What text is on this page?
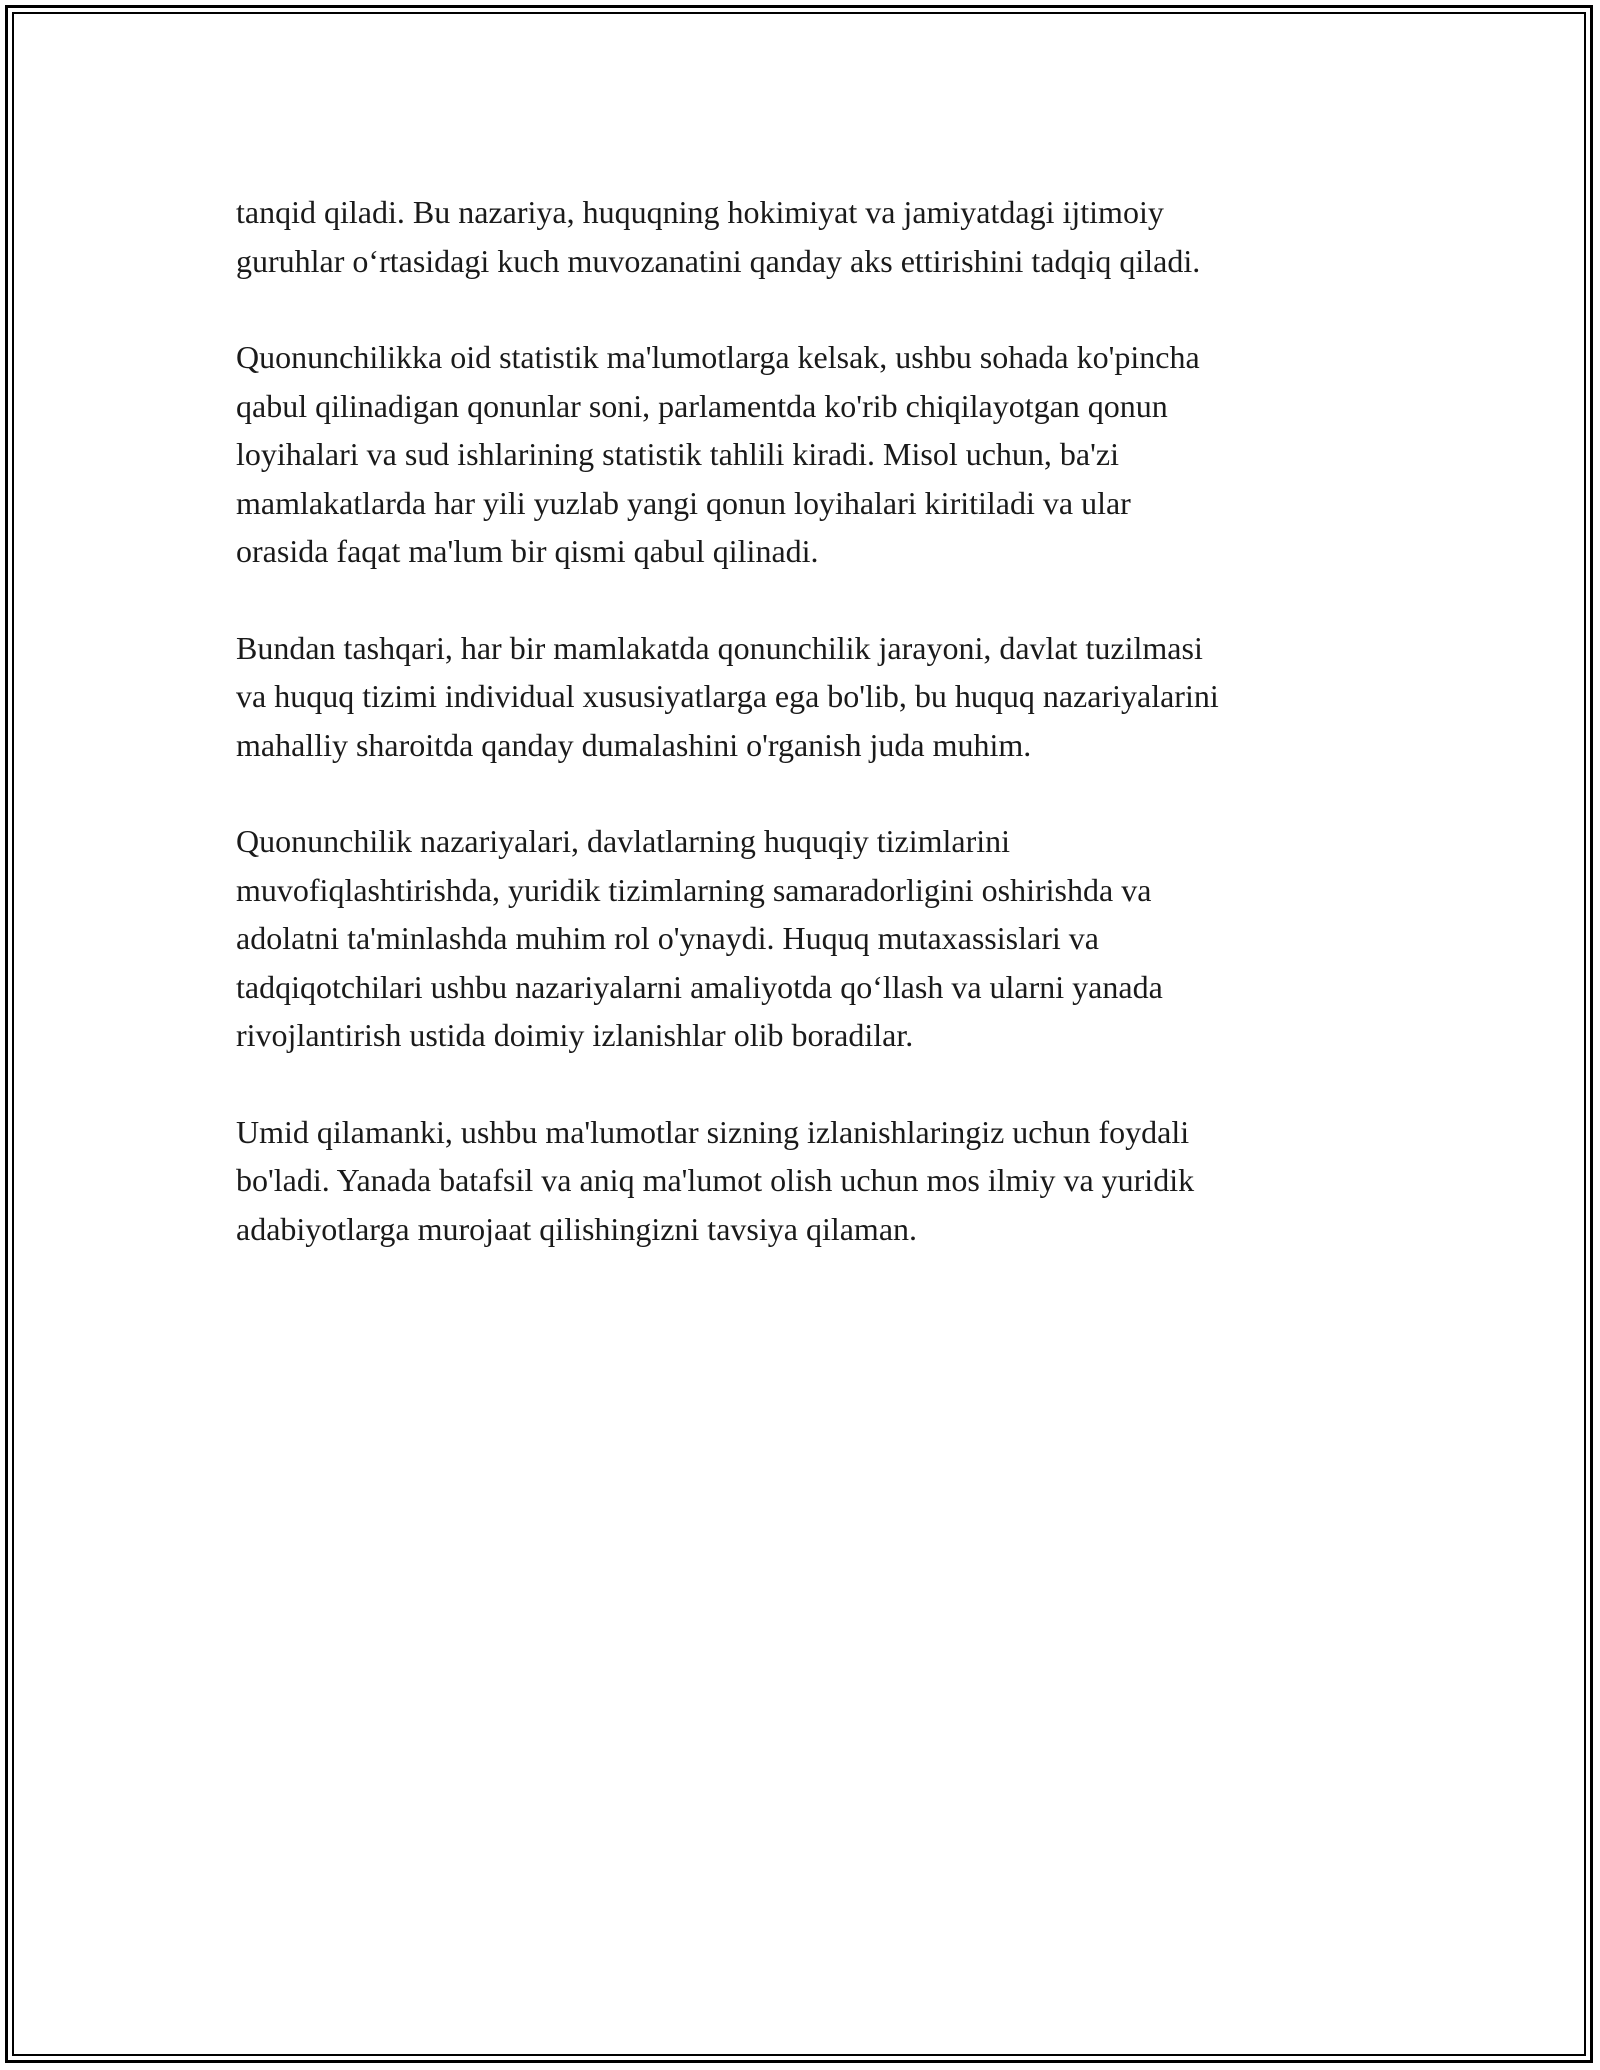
tanqid qiladi. Bu nazariya, huquqning hokimiyat va jamiyatdagi ijtimoiy
guruhlar o‘rtasidagi kuch muvozanatini qanday aks ettirishini tadqiq qiladi.

Quonunchilikka oid statistik ma'lumotlarga kelsak, ushbu sohada ko'pincha
qabul qilinadigan qonunlar soni, parlamentda ko'rib chiqilayotgan qonun
loyihalari va sud ishlarining statistik tahlili kiradi. Misol uchun, ba'zi
mamlakatlarda har yili yuzlab yangi qonun loyihalari kiritiladi va ular
orasida faqat ma'lum bir qismi qabul qilinadi.

Bundan tashqari, har bir mamlakatda qonunchilik jarayoni, davlat tuzilmasi
va huquq tizimi individual xususiyatlarga ega bo'lib, bu huquq nazariyalarini
mahalliy sharoitda qanday dumalashini o'rganish juda muhim.

Quonunchilik nazariyalari, davlatlarning huquqiy tizimlarini
muvofiqlashtirishda, yuridik tizimlarning samaradorligini oshirishda va
adolatni ta'minlashda muhim rol o'ynaydi. Huquq mutaxassislari va
tadqiqotchilari ushbu nazariyalarni amaliyotda qo‘llash va ularni yanada
rivojlantirish ustida doimiy izlanishlar olib boradilar.

Umid qilamanki, ushbu ma'lumotlar sizning izlanishlaringiz uchun foydali
bo'ladi. Yanada batafsil va aniq ma'lumot olish uchun mos ilmiy va yuridik
adabiyotlarga murojaat qilishingizni tavsiya qilaman.
